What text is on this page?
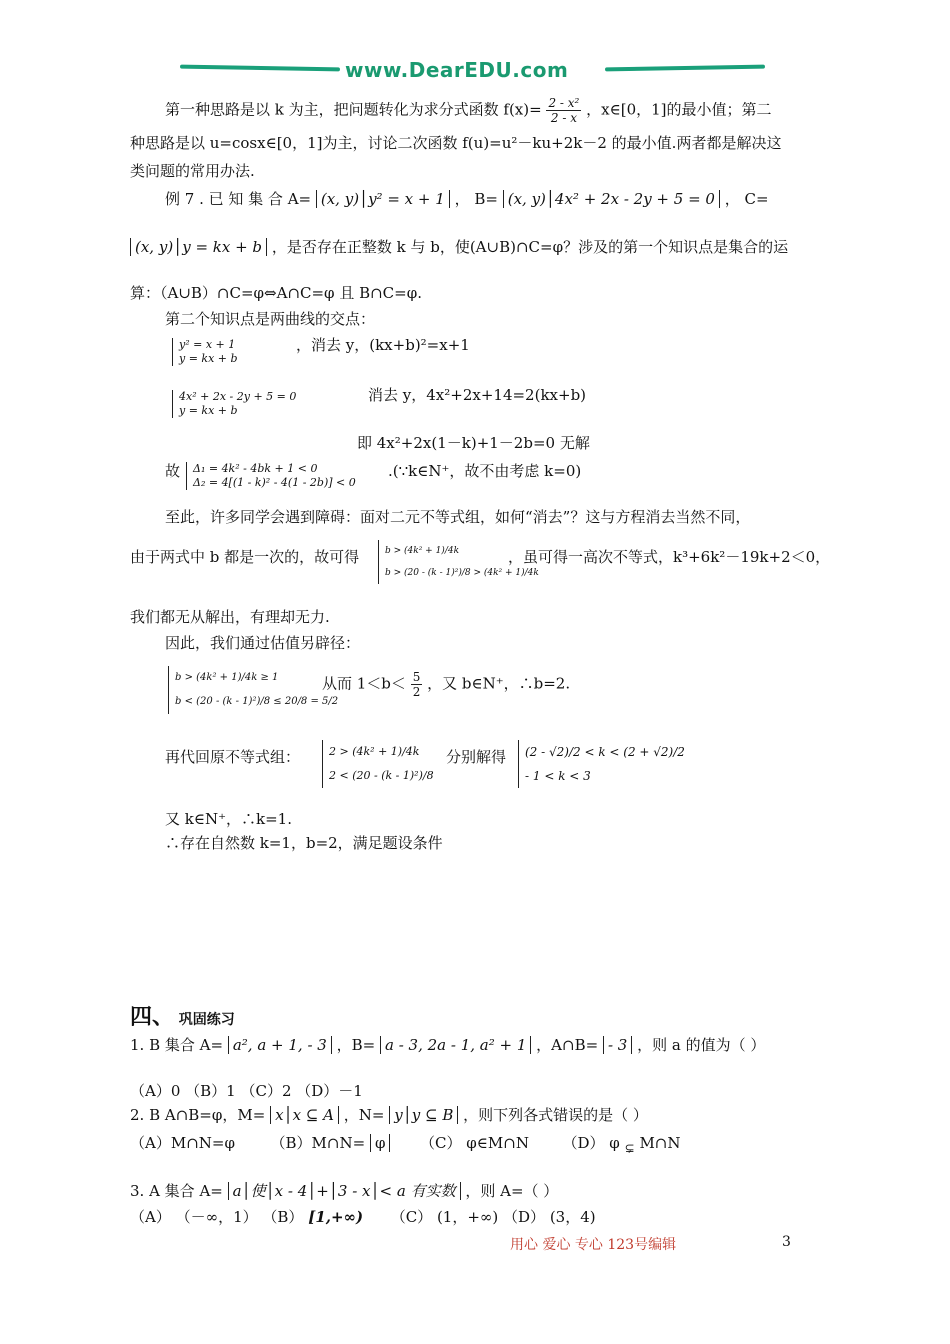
www.DearEDU.com
第一种思路是以 k 为主，把问题转化为求分式函数 $f(x)= \frac{\text{2 - x²}}{2 - x}$ ，x∈[0，1]的最小值；第二
种思路是以 u=cosx∈[0，1]为主，讨论二次函数 f(u)=u²－ku+2k－2 的最小值.两者都是解决这
类问题的常用办法.
例 7 . 已 知 集 合 A= (x, y)│y² = x + 1 ， B= (x, y)│4x² + 2x - 2y + 5 = 0 ， C=
(x, y)│y = kx + b ，是否存在正整数 k 与 b，使(A∪B)∩C=φ？涉及的第一个知识点是集合的运
算：（A∪B）∩C=φ⇔A∩C=φ 且 B∩C=φ.
第二个知识点是两曲线的交点：
y² = x + 1
y = kx + b
，消去 y，(kx+b)²=x+1
4x² + 2x - 2y + 5 = 0
y = kx + b
消去 y，4x²+2x+14=2(kx+b)
即 4x²+2x(1－k)+1－2b=0 无解
故 Δ₁ = 4k² - 4bk + 1 < 0
Δ₂ = 4[(1 - k)² - 4(1 - 2b)] < 0
.(∵k∈N⁺，故不由考虑 k=0)
至此，许多同学会遇到障碍：面对二元不等式组，如何“消去”？这与方程消去当然不同，
由于两式中 b 都是一次的，故可得	b > (4k² + 1)/4k
b > (20 - (k - 1)²)/8 > (4k² + 1)/4k
，虽可得一高次不等式，k³+6k²－19k+2＜0，
我们都无从解出，有理却无力.
因此，我们通过估值另辟径：
b > (4k² + 1)/4k ≥ 1
b < (20 - (k - 1)²)/8 ≤ 20/8 = 5/2
从而 $1<b< \frac{5}{2}$ ，又 b∈N⁺，∴b=2.
再代回原不等式组：	2 > (4k² + 1)/4k
2 < (20 - (k - 1)²)/8
分别解得 (2 - √2)/2 < k < (2 + √2)/2
- 1 < k < 3
又 k∈N⁺，∴k=1.
∴存在自然数 k=1，b=2，满足题设条件
四、 巩固练习
1. B 集合 A= a², a + 1, - 3 ，B= a - 3, 2a - 1, a² + 1 ，A∩B= - 3 ，则 a 的值为（ ）
（A）0 （B）1 （C）2 （D）－1
2. B A∩B=φ，M= x│x ⊆ A ，N= y│y ⊆ B ，则下列各式错误的是（ ）
（A）M∩N=φ （B）M∩N= φ （C） φ∈M∩N （D） φ $_⊊$ M∩N
3. A 集合 A= a│使│x - 4│+│3 - x│< a 有实数 ，则 A=（ ）
（A） （－∞，1） （B） [1,+∞) （C） (1，+∞) （D） (3，4)
用心 爱心 专心 123号编辑	3
